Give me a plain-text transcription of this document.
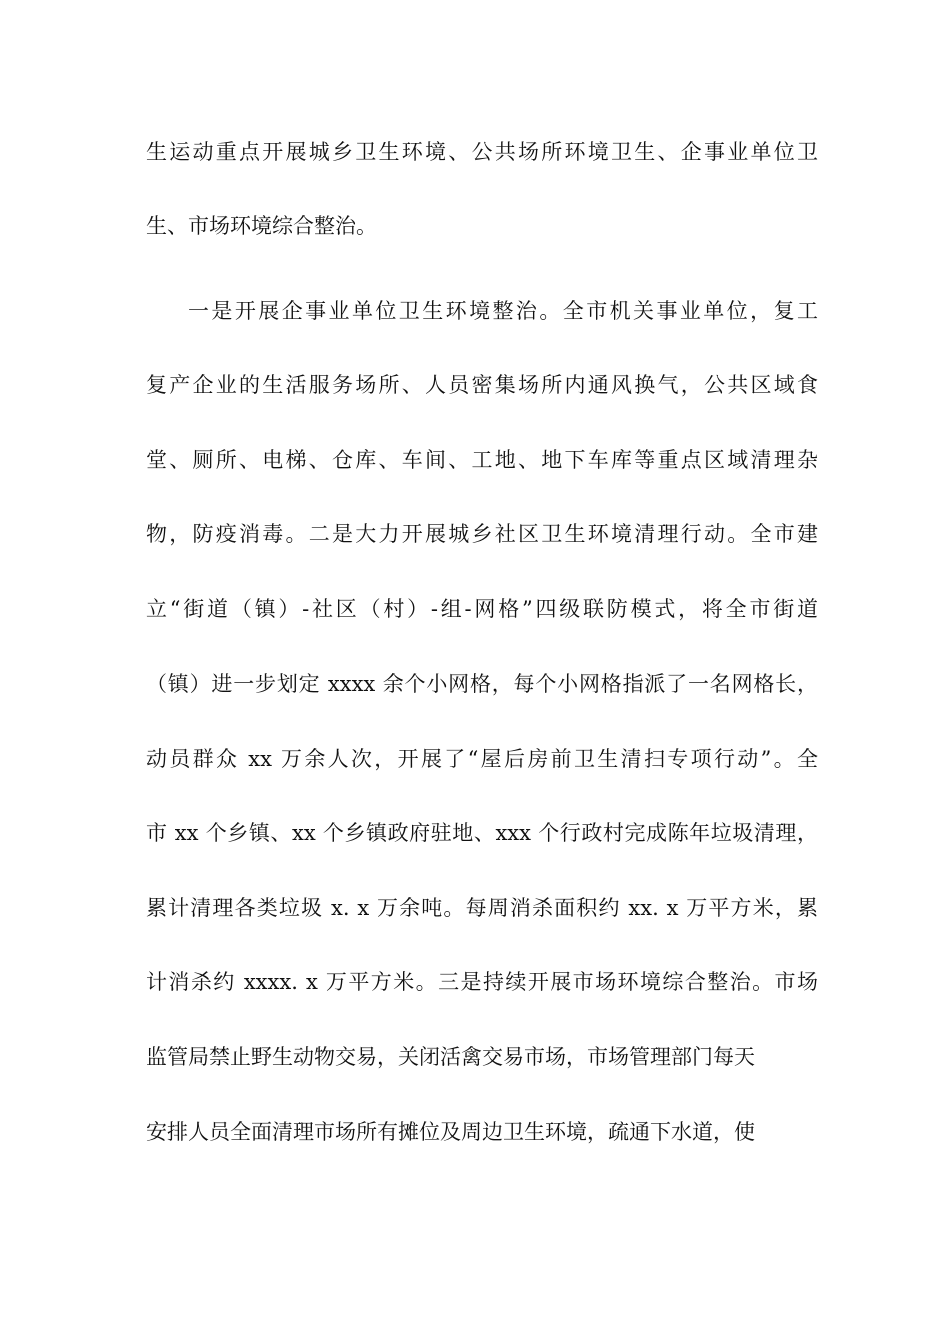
生运动重点开展城乡卫生环境、公共场所环境卫生、企事业单位卫
生、市场环境综合整治。
一是开展企事业单位卫生环境整治。全市机关事业单位，复工
复产企业的生活服务场所、人员密集场所内通风换气，公共区域食
堂、厕所、电梯、仓库、车间、工地、地下车库等重点区域清理杂
物，防疫消毒。二是大力开展城乡社区卫生环境清理行动。全市建
立“街道（镇）-社区（村）-组-网格”四级联防模式，将全市街道
（镇）进一步划定 xxxx 余个小网格，每个小网格指派了一名网格长，
动员群众 xx 万余人次，开展了“屋后房前卫生清扫专项行动”。全
市 xx 个乡镇、xx 个乡镇政府驻地、xxx 个行政村完成陈年垃圾清理，
累计清理各类垃圾 x. x 万余吨。每周消杀面积约 xx. x 万平方米，累
计消杀约 xxxx. x 万平方米。三是持续开展市场环境综合整治。市场
监管局禁止野生动物交易，关闭活禽交易市场，市场管理部门每天
安排人员全面清理市场所有摊位及周边卫生环境，疏通下水道，使
